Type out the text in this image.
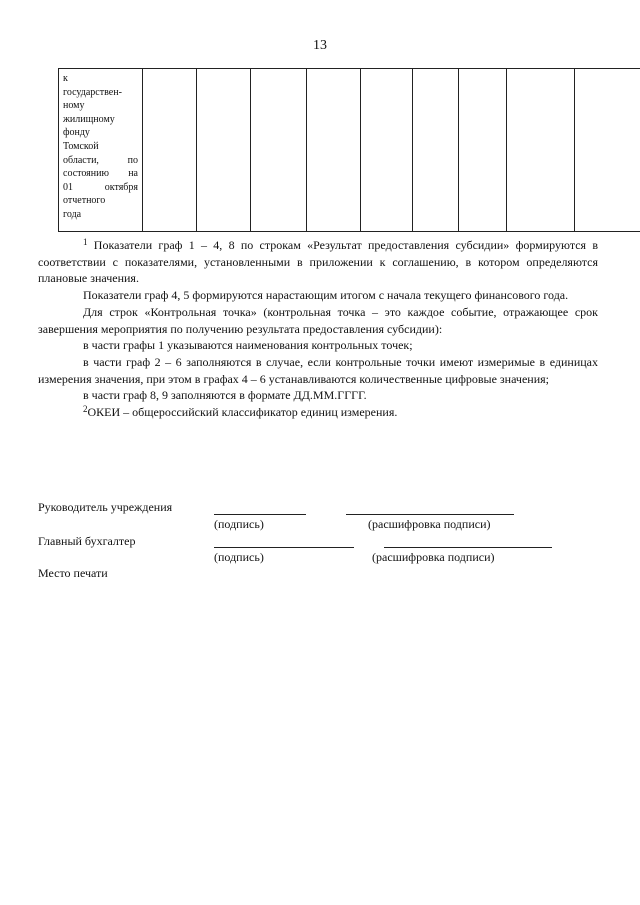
13
к
государствен-
ному
жилищному
фонду
Томской
области, по
состоянию на
01 октября
отчетного
года

$^1$ Показатели граф 1 – 4, 8 по строкам «Результат предоставления субсидии» формируются в соответствии с показателями, установленными в приложении к соглашению, в котором определяются плановые значения.

Показатели граф 4, 5 формируются нарастающим итогом с начала текущего финансового года.

Для строк «Контрольная точка» (контрольная точка – это каждое событие, отражающее срок завершения мероприятия по получению результата предоставления субсидии):

в части графы 1 указываются наименования контрольных точек;

в части граф 2 – 6 заполняются в случае, если контрольные точки имеют измеримые в единицах измерения значения, при этом в графах 4 – 6 устанавливаются количественные цифровые значения;

в части граф 8, 9 заполняются в формате ДД.ММ.ГГГГ.

$^2$ОКЕИ – общероссийский классификатор единиц измерения.

Руководитель учреждения
(подпись)	(расшифровка подписи)
Главный бухгалтер
(подпись)	(расшифровка подписи)
Место печати
